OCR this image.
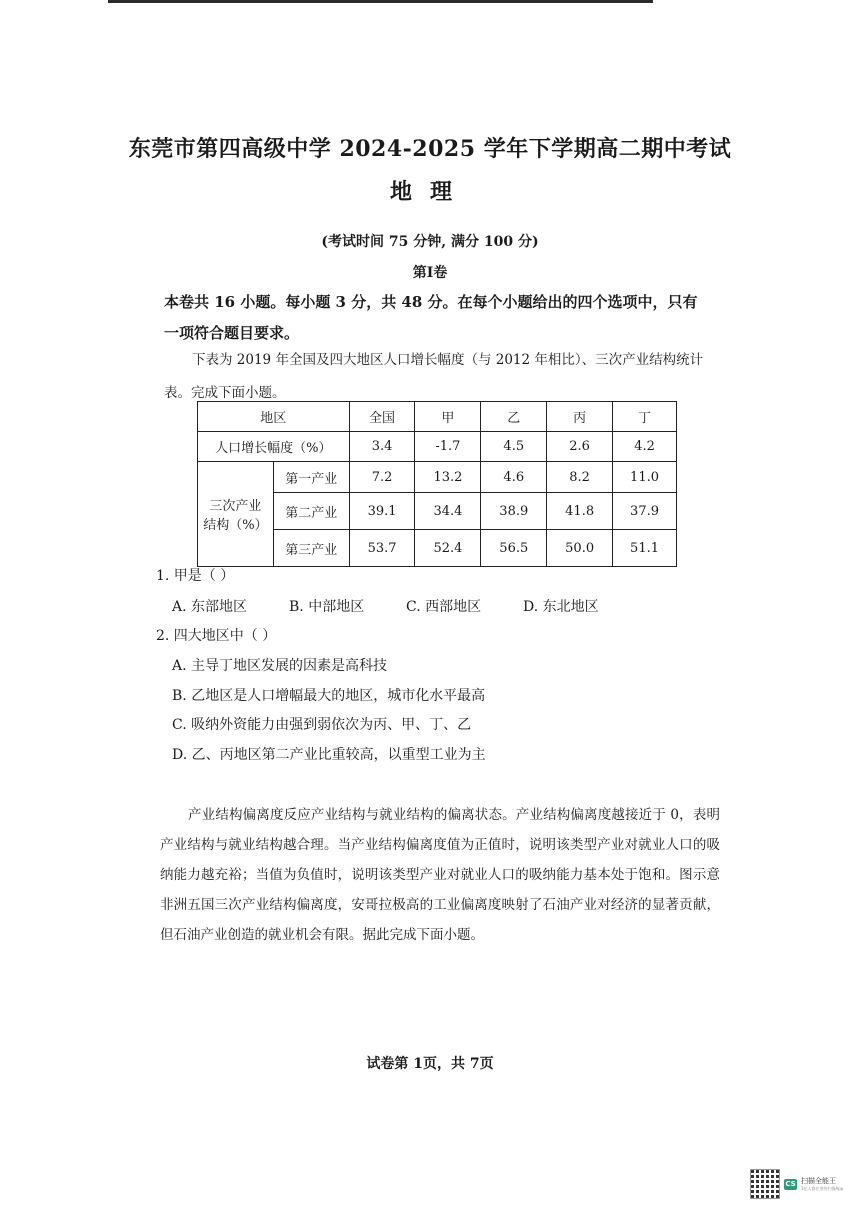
东莞市第四高级中学 2024-2025 学年下学期高二期中考试
地理
(考试时间 75 分钟, 满分 100 分)
第Ⅰ卷
本卷共 16 小题。每小题 3 分，共 48 分。在每个小题给出的四个选项中，只有一项符合题目要求。
下表为 2019 年全国及四大地区人口增长幅度（与 2012 年相比）、三次产业结构统计表。完成下面小题。
地区		全国	甲	乙	丙	丁
人口增长幅度（%）		3.4	-1.7	4.5	2.6	4.2
三次产业
结构（%）	第一产业	7.2	13.2	4.6	8.2	11.0
	第二产业	39.1	34.4	38.9	41.8	37.9
	第三产业	53.7	52.4	56.5	50.0	51.1
1. 甲是（ ）
A. 东部地区	B. 中部地区	C. 西部地区	D. 东北地区
2. 四大地区中（ ）
A. 主导丁地区发展的因素是高科技
B. 乙地区是人口增幅最大的地区，城市化水平最高
C. 吸纳外资能力由强到弱依次为丙、甲、丁、乙
D. 乙、丙地区第二产业比重较高，以重型工业为主
产业结构偏离度反应产业结构与就业结构的偏离状态。产业结构偏离度越接近于 0，表明产业结构与就业结构越合理。当产业结构偏离度值为正值时，说明该类型产业对就业人口的吸纳能力越充裕；当值为负值时，说明该类型产业对就业人口的吸纳能力基本处于饱和。图示意非洲五国三次产业结构偏离度，安哥拉极高的工业偏离度映射了石油产业对经济的显著贡献，但石油产业创造的就业机会有限。据此完成下面小题。
试卷第 1页，共 7页
CS 扫描全能王
3亿人都在用的扫描App
